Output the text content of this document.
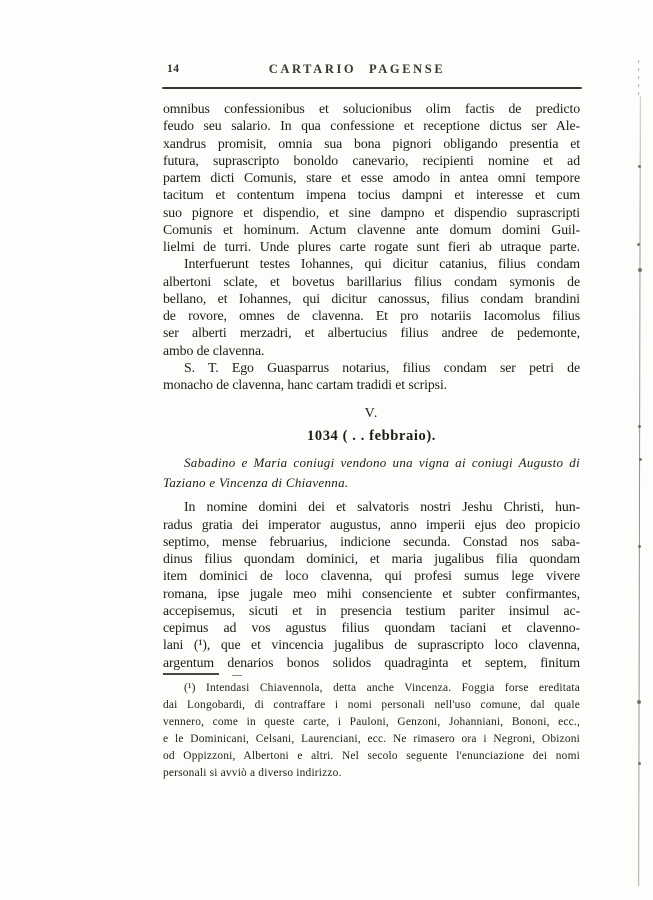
14	CARTARIO PAGENSE
omnibus confessionibus et solucionibus olim factis de predicto
feudo seu salario. In qua confessione et receptione dictus ser Ale-
xandrus promisit, omnia sua bona pignori obligando presentia et
futura, suprascripto bonoldo canevario, recipienti nomine et ad
partem dicti Comunis, stare et esse amodo in antea omni tempore
tacitum et contentum impena tocius dampni et interesse et cum
suo pignore et dispendio, et sine dampno et dispendio suprascripti
Comunis et hominum. Actum clavenne ante domum domini Guil-
lielmi de turri. Unde plures carte rogate sunt fieri ab utraque parte.
Interfuerunt testes Iohannes, qui dicitur catanius, filius condam
albertoni sclate, et bovetus barillarius filius condam symonis de
bellano, et Iohannes, qui dicitur canossus, filius condam brandini
de rovore, omnes de clavenna. Et pro notariis Iacomolus filius
ser alberti merzadri, et albertucius filius andree de pedemonte,
ambo de clavenna.
S. T. Ego Guasparrus notarius, filius condam ser petri de
monacho de clavenna, hanc cartam tradidi et scripsi.
V.
1034 ( . . febbraio).
Sabadino e Maria coniugi vendono una vigna ai coniugi Augusto di
Taziano e Vincenza di Chiavenna.
In nomine domini dei et salvatoris nostri Jeshu Christi, hun-
radus gratia dei imperator augustus, anno imperii ejus deo propicio
septimo, mense februarius, indicione secunda. Constad nos saba-
dinus filius quondam dominici, et maria jugalibus filia quondam
item dominici de loco clavenna, qui profesi sumus lege vivere
romana, ipse jugale meo mihi consenciente et subter confirmantes,
accepisemus, sicuti et in presencia testium pariter insimul ac-
cepimus ad vos agustus filius quondam taciani et clavenno-
lani (¹), que et vincencia jugalibus de suprascripto loco clavenna,
argentum denarios bonos solidos quadraginta et septem, finitum
(¹) Intendasi Chiavennola, detta anche Vincenza. Foggia forse ereditata
dai Longobardi, di contraffare i nomi personali nell'uso comune, dal quale
vennero, come in queste carte, i Pauloni, Genzoni, Johanniani, Bononi, ecc.,
e le Dominicani, Celsani, Laurenciani, ecc. Ne rimasero ora i Negroni, Obizoni
od Oppizzoni, Albertoni e altri. Nel secolo seguente l'enunciazione dei nomi
personali si avviò a diverso indirizzo.
